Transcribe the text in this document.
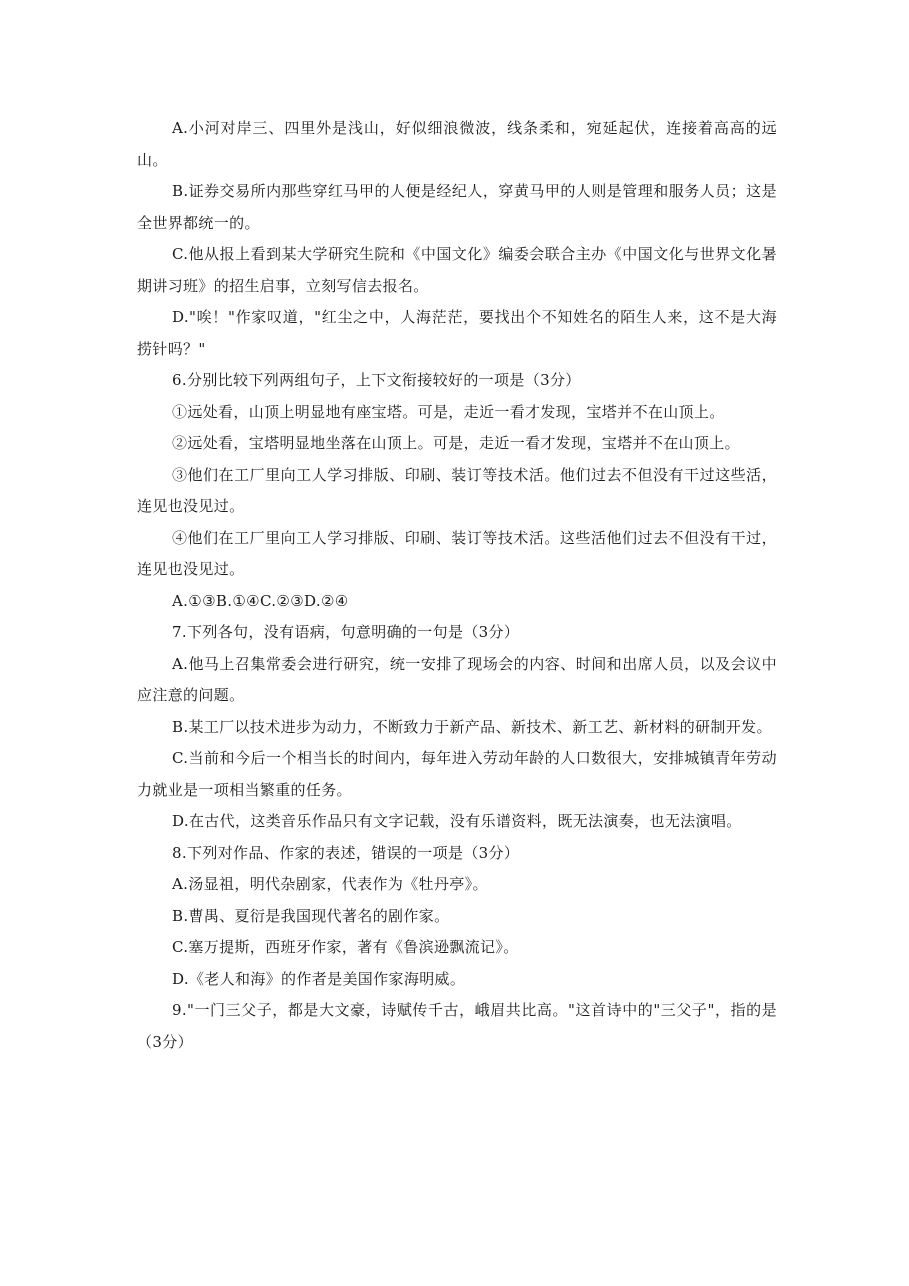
A.小河对岸三、四里外是浅山，好似细浪微波，线条柔和，宛延起伏，连接着高高的远山。

B.证券交易所内那些穿红马甲的人便是经纪人，穿黄马甲的人则是管理和服务人员；这是全世界都统一的。

C.他从报上看到某大学研究生院和《中国文化》编委会联合主办《中国文化与世界文化暑期讲习班》的招生启事，立刻写信去报名。

D."唉！"作家叹道，"红尘之中，人海茫茫，要找出个不知姓名的陌生人来，这不是大海捞针吗？"

6.分别比较下列两组句子，上下文衔接较好的一项是（3分）

①远处看，山顶上明显地有座宝塔。可是，走近一看才发现，宝塔并不在山顶上。

②远处看，宝塔明显地坐落在山顶上。可是，走近一看才发现，宝塔并不在山顶上。

③他们在工厂里向工人学习排版、印刷、装订等技术活。他们过去不但没有干过这些活，连见也没见过。

④他们在工厂里向工人学习排版、印刷、装订等技术活。这些活他们过去不但没有干过，连见也没见过。

A.①③B.①④C.②③D.②④

7.下列各句，没有语病，句意明确的一句是（3分）

A.他马上召集常委会进行研究，统一安排了现场会的内容、时间和出席人员，以及会议中应注意的问题。

B.某工厂以技术进步为动力，不断致力于新产品、新技术、新工艺、新材料的研制开发。

C.当前和今后一个相当长的时间内，每年进入劳动年龄的人口数很大，安排城镇青年劳动力就业是一项相当繁重的任务。

D.在古代，这类音乐作品只有文字记载，没有乐谱资料，既无法演奏，也无法演唱。

8.下列对作品、作家的表述，错误的一项是（3分）

A.汤显祖，明代杂剧家，代表作为《牡丹亭》。

B.曹禺、夏衍是我国现代著名的剧作家。

C.塞万提斯，西班牙作家，著有《鲁滨逊飘流记》。

D.《老人和海》的作者是美国作家海明威。

9."一门三父子，都是大文豪，诗赋传千古，峨眉共比高。"这首诗中的"三父子"，指的是（3分）
